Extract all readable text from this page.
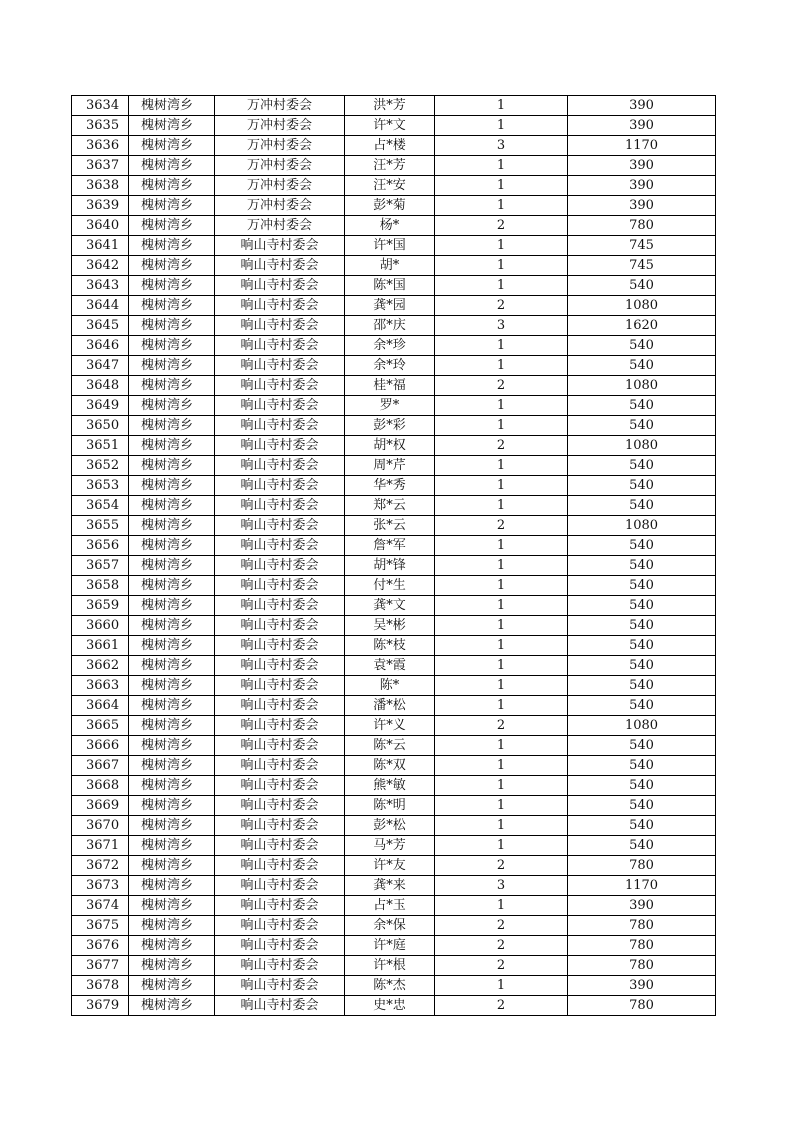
3634	槐树湾乡	万冲村委会	洪*芳	1	390
3635	槐树湾乡	万冲村委会	许*文	1	390
3636	槐树湾乡	万冲村委会	占*楼	3	1170
3637	槐树湾乡	万冲村委会	汪*芳	1	390
3638	槐树湾乡	万冲村委会	汪*安	1	390
3639	槐树湾乡	万冲村委会	彭*菊	1	390
3640	槐树湾乡	万冲村委会	杨*	2	780
3641	槐树湾乡	响山寺村委会	许*国	1	745
3642	槐树湾乡	响山寺村委会	胡*	1	745
3643	槐树湾乡	响山寺村委会	陈*国	1	540
3644	槐树湾乡	响山寺村委会	龚*园	2	1080
3645	槐树湾乡	响山寺村委会	邵*庆	3	1620
3646	槐树湾乡	响山寺村委会	余*珍	1	540
3647	槐树湾乡	响山寺村委会	余*玲	1	540
3648	槐树湾乡	响山寺村委会	桂*福	2	1080
3649	槐树湾乡	响山寺村委会	罗*	1	540
3650	槐树湾乡	响山寺村委会	彭*彩	1	540
3651	槐树湾乡	响山寺村委会	胡*权	2	1080
3652	槐树湾乡	响山寺村委会	周*芹	1	540
3653	槐树湾乡	响山寺村委会	华*秀	1	540
3654	槐树湾乡	响山寺村委会	郑*云	1	540
3655	槐树湾乡	响山寺村委会	张*云	2	1080
3656	槐树湾乡	响山寺村委会	詹*军	1	540
3657	槐树湾乡	响山寺村委会	胡*锋	1	540
3658	槐树湾乡	响山寺村委会	付*生	1	540
3659	槐树湾乡	响山寺村委会	龚*文	1	540
3660	槐树湾乡	响山寺村委会	吴*彬	1	540
3661	槐树湾乡	响山寺村委会	陈*枝	1	540
3662	槐树湾乡	响山寺村委会	袁*霞	1	540
3663	槐树湾乡	响山寺村委会	陈*	1	540
3664	槐树湾乡	响山寺村委会	潘*松	1	540
3665	槐树湾乡	响山寺村委会	许*义	2	1080
3666	槐树湾乡	响山寺村委会	陈*云	1	540
3667	槐树湾乡	响山寺村委会	陈*双	1	540
3668	槐树湾乡	响山寺村委会	熊*敏	1	540
3669	槐树湾乡	响山寺村委会	陈*明	1	540
3670	槐树湾乡	响山寺村委会	彭*松	1	540
3671	槐树湾乡	响山寺村委会	马*芳	1	540
3672	槐树湾乡	响山寺村委会	许*友	2	780
3673	槐树湾乡	响山寺村委会	龚*来	3	1170
3674	槐树湾乡	响山寺村委会	占*玉	1	390
3675	槐树湾乡	响山寺村委会	余*保	2	780
3676	槐树湾乡	响山寺村委会	许*庭	2	780
3677	槐树湾乡	响山寺村委会	许*根	2	780
3678	槐树湾乡	响山寺村委会	陈*杰	1	390
3679	槐树湾乡	响山寺村委会	史*忠	2	780
